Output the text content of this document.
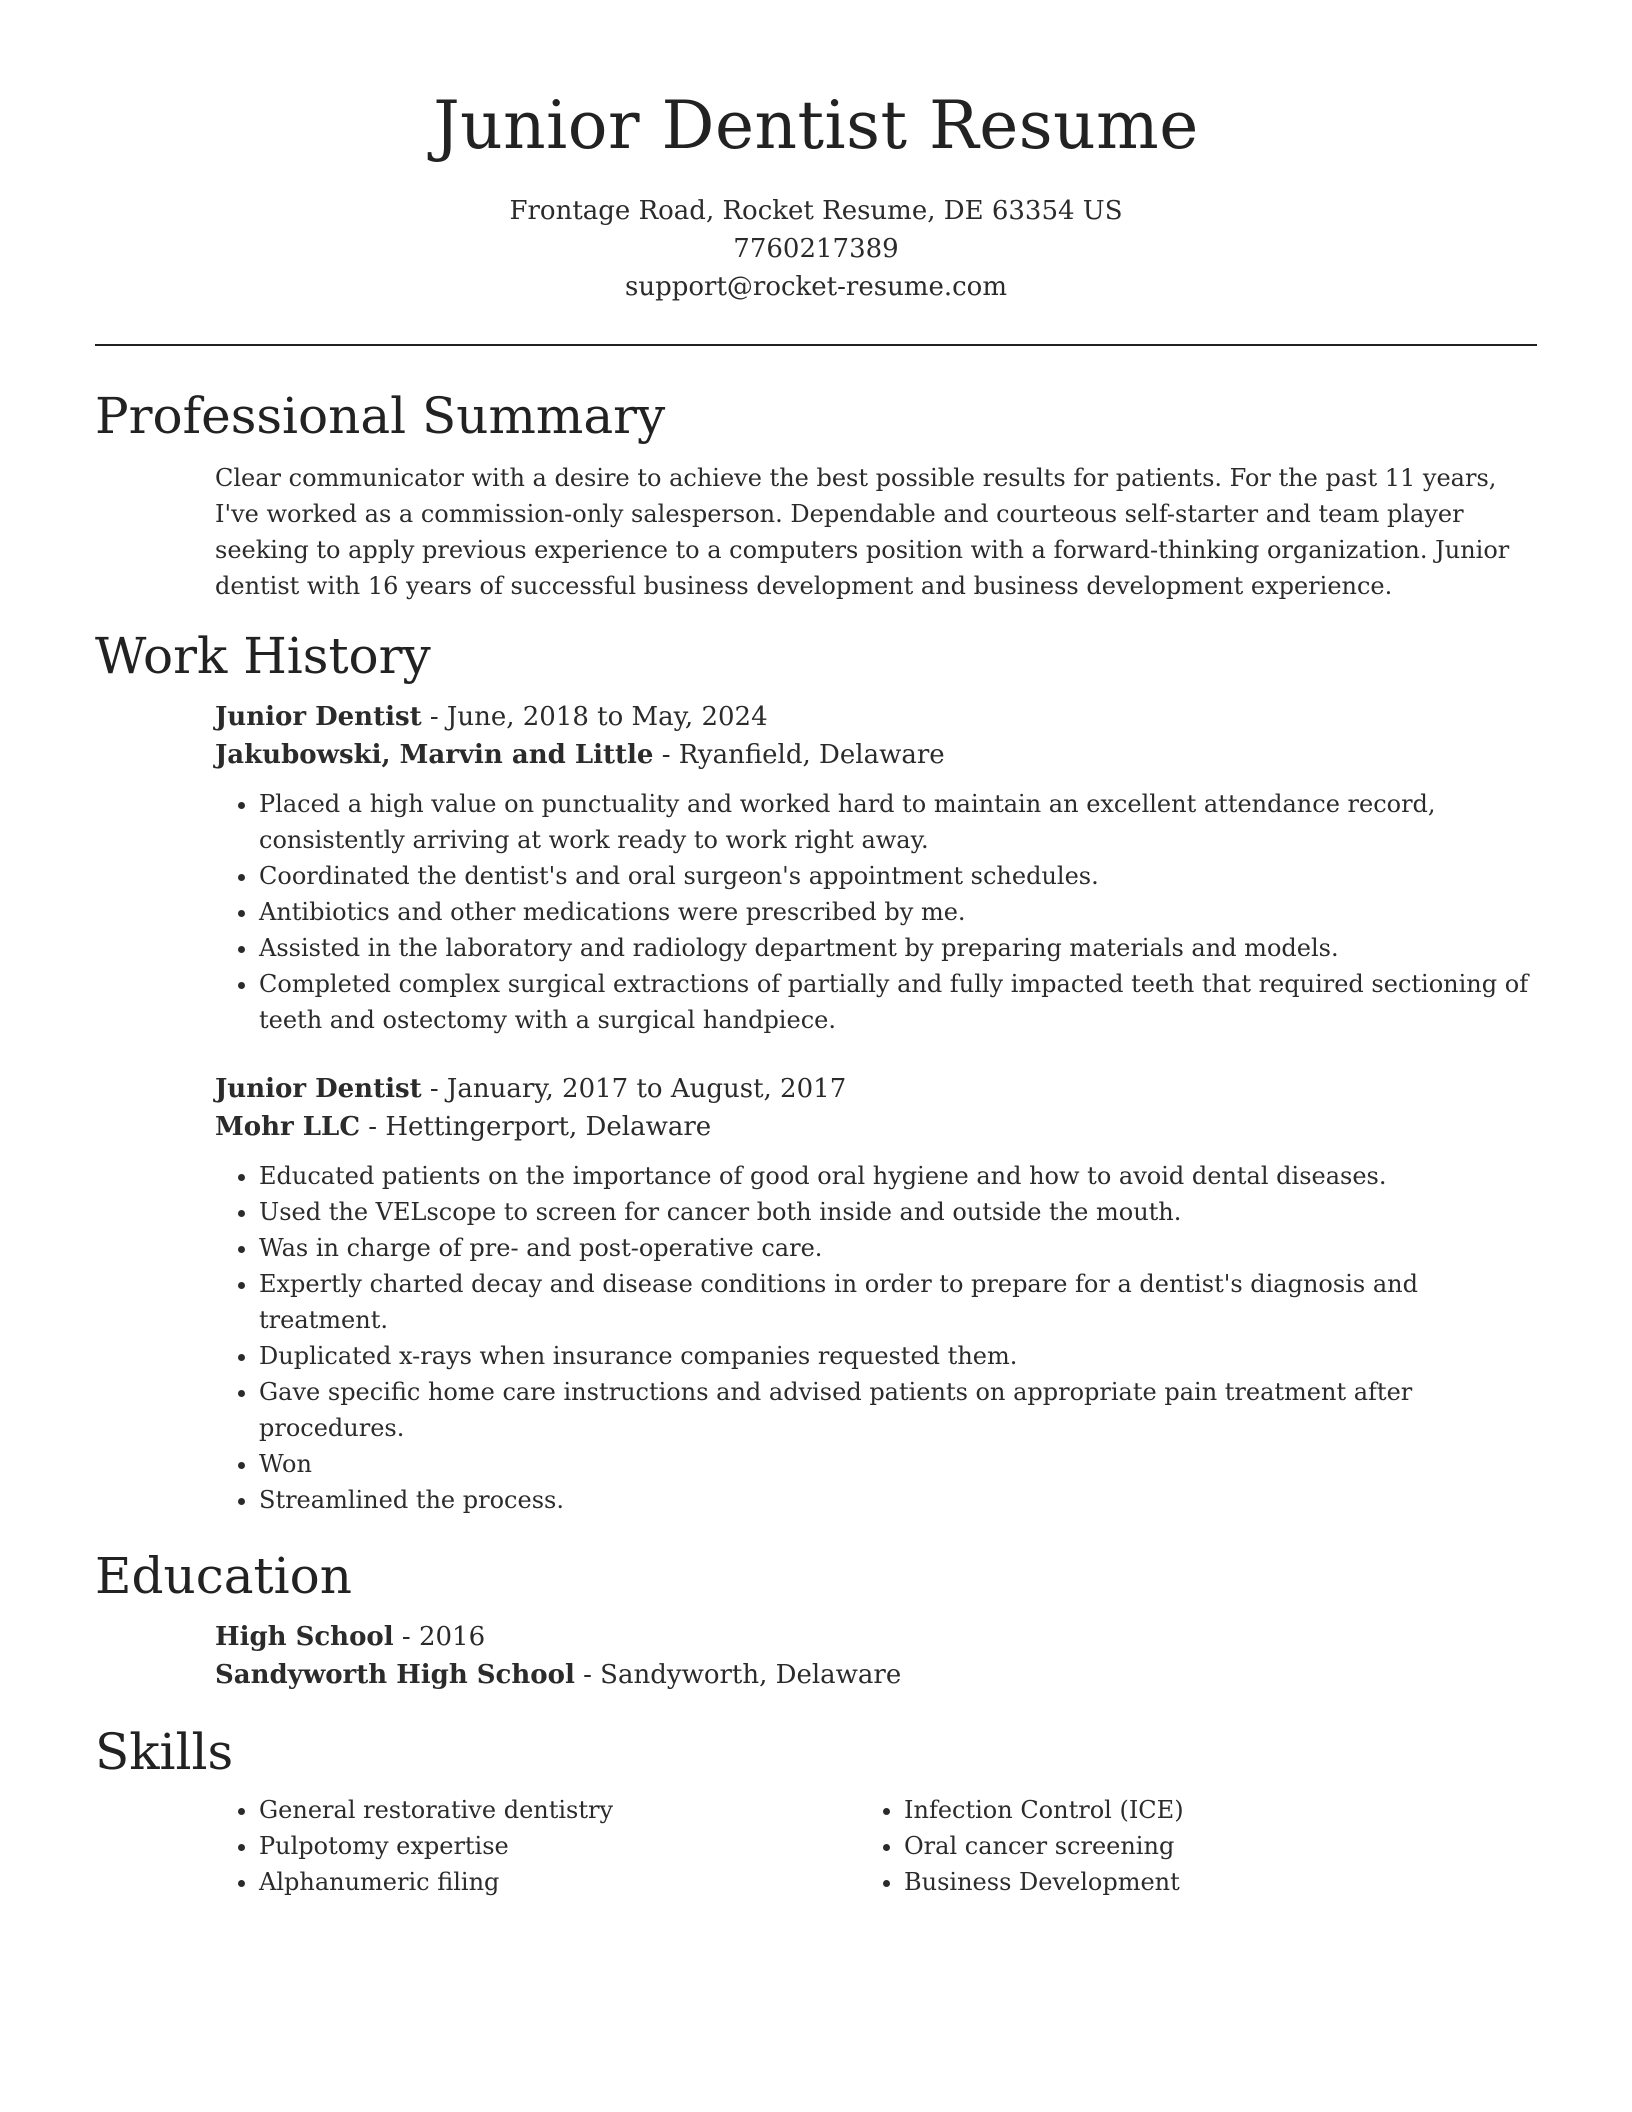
Junior Dentist Resume
Frontage Road, Rocket Resume, DE 63354 US
7760217389
support@rocket-resume.com
Professional Summary

Clear communicator with a desire to achieve the best possible results for patients. For the past 11 years, I've worked as a commission-only salesperson. Dependable and courteous self-starter and team player seeking to apply previous experience to a computers position with a forward-thinking organization. Junior dentist with 16 years of successful business development and business development experience.

Work History
Junior Dentist - June, 2018 to May, 2024
Jakubowski, Marvin and Little - Ryanfield, Delaware
• Placed a high value on punctuality and worked hard to maintain an excellent attendance record, consistently arriving at work ready to work right away.
• Coordinated the dentist's and oral surgeon's appointment schedules.
• Antibiotics and other medications were prescribed by me.
• Assisted in the laboratory and radiology department by preparing materials and models.
• Completed complex surgical extractions of partially and fully impacted teeth that required sectioning of teeth and ostectomy with a surgical handpiece.
Junior Dentist - January, 2017 to August, 2017
Mohr LLC - Hettingerport, Delaware
• Educated patients on the importance of good oral hygiene and how to avoid dental diseases.
• Used the VELscope to screen for cancer both inside and outside the mouth.
• Was in charge of pre- and post-operative care.
• Expertly charted decay and disease conditions in order to prepare for a dentist's diagnosis and treatment.
• Duplicated x-rays when insurance companies requested them.
• Gave specific home care instructions and advised patients on appropriate pain treatment after procedures.
• Won
• Streamlined the process.
Education
High School - 2016
Sandyworth High School - Sandyworth, Delaware
Skills
• General restorative dentistry
• Pulpotomy expertise
• Alphanumeric filing
• Infection Control (ICE)
• Oral cancer screening
• Business Development
